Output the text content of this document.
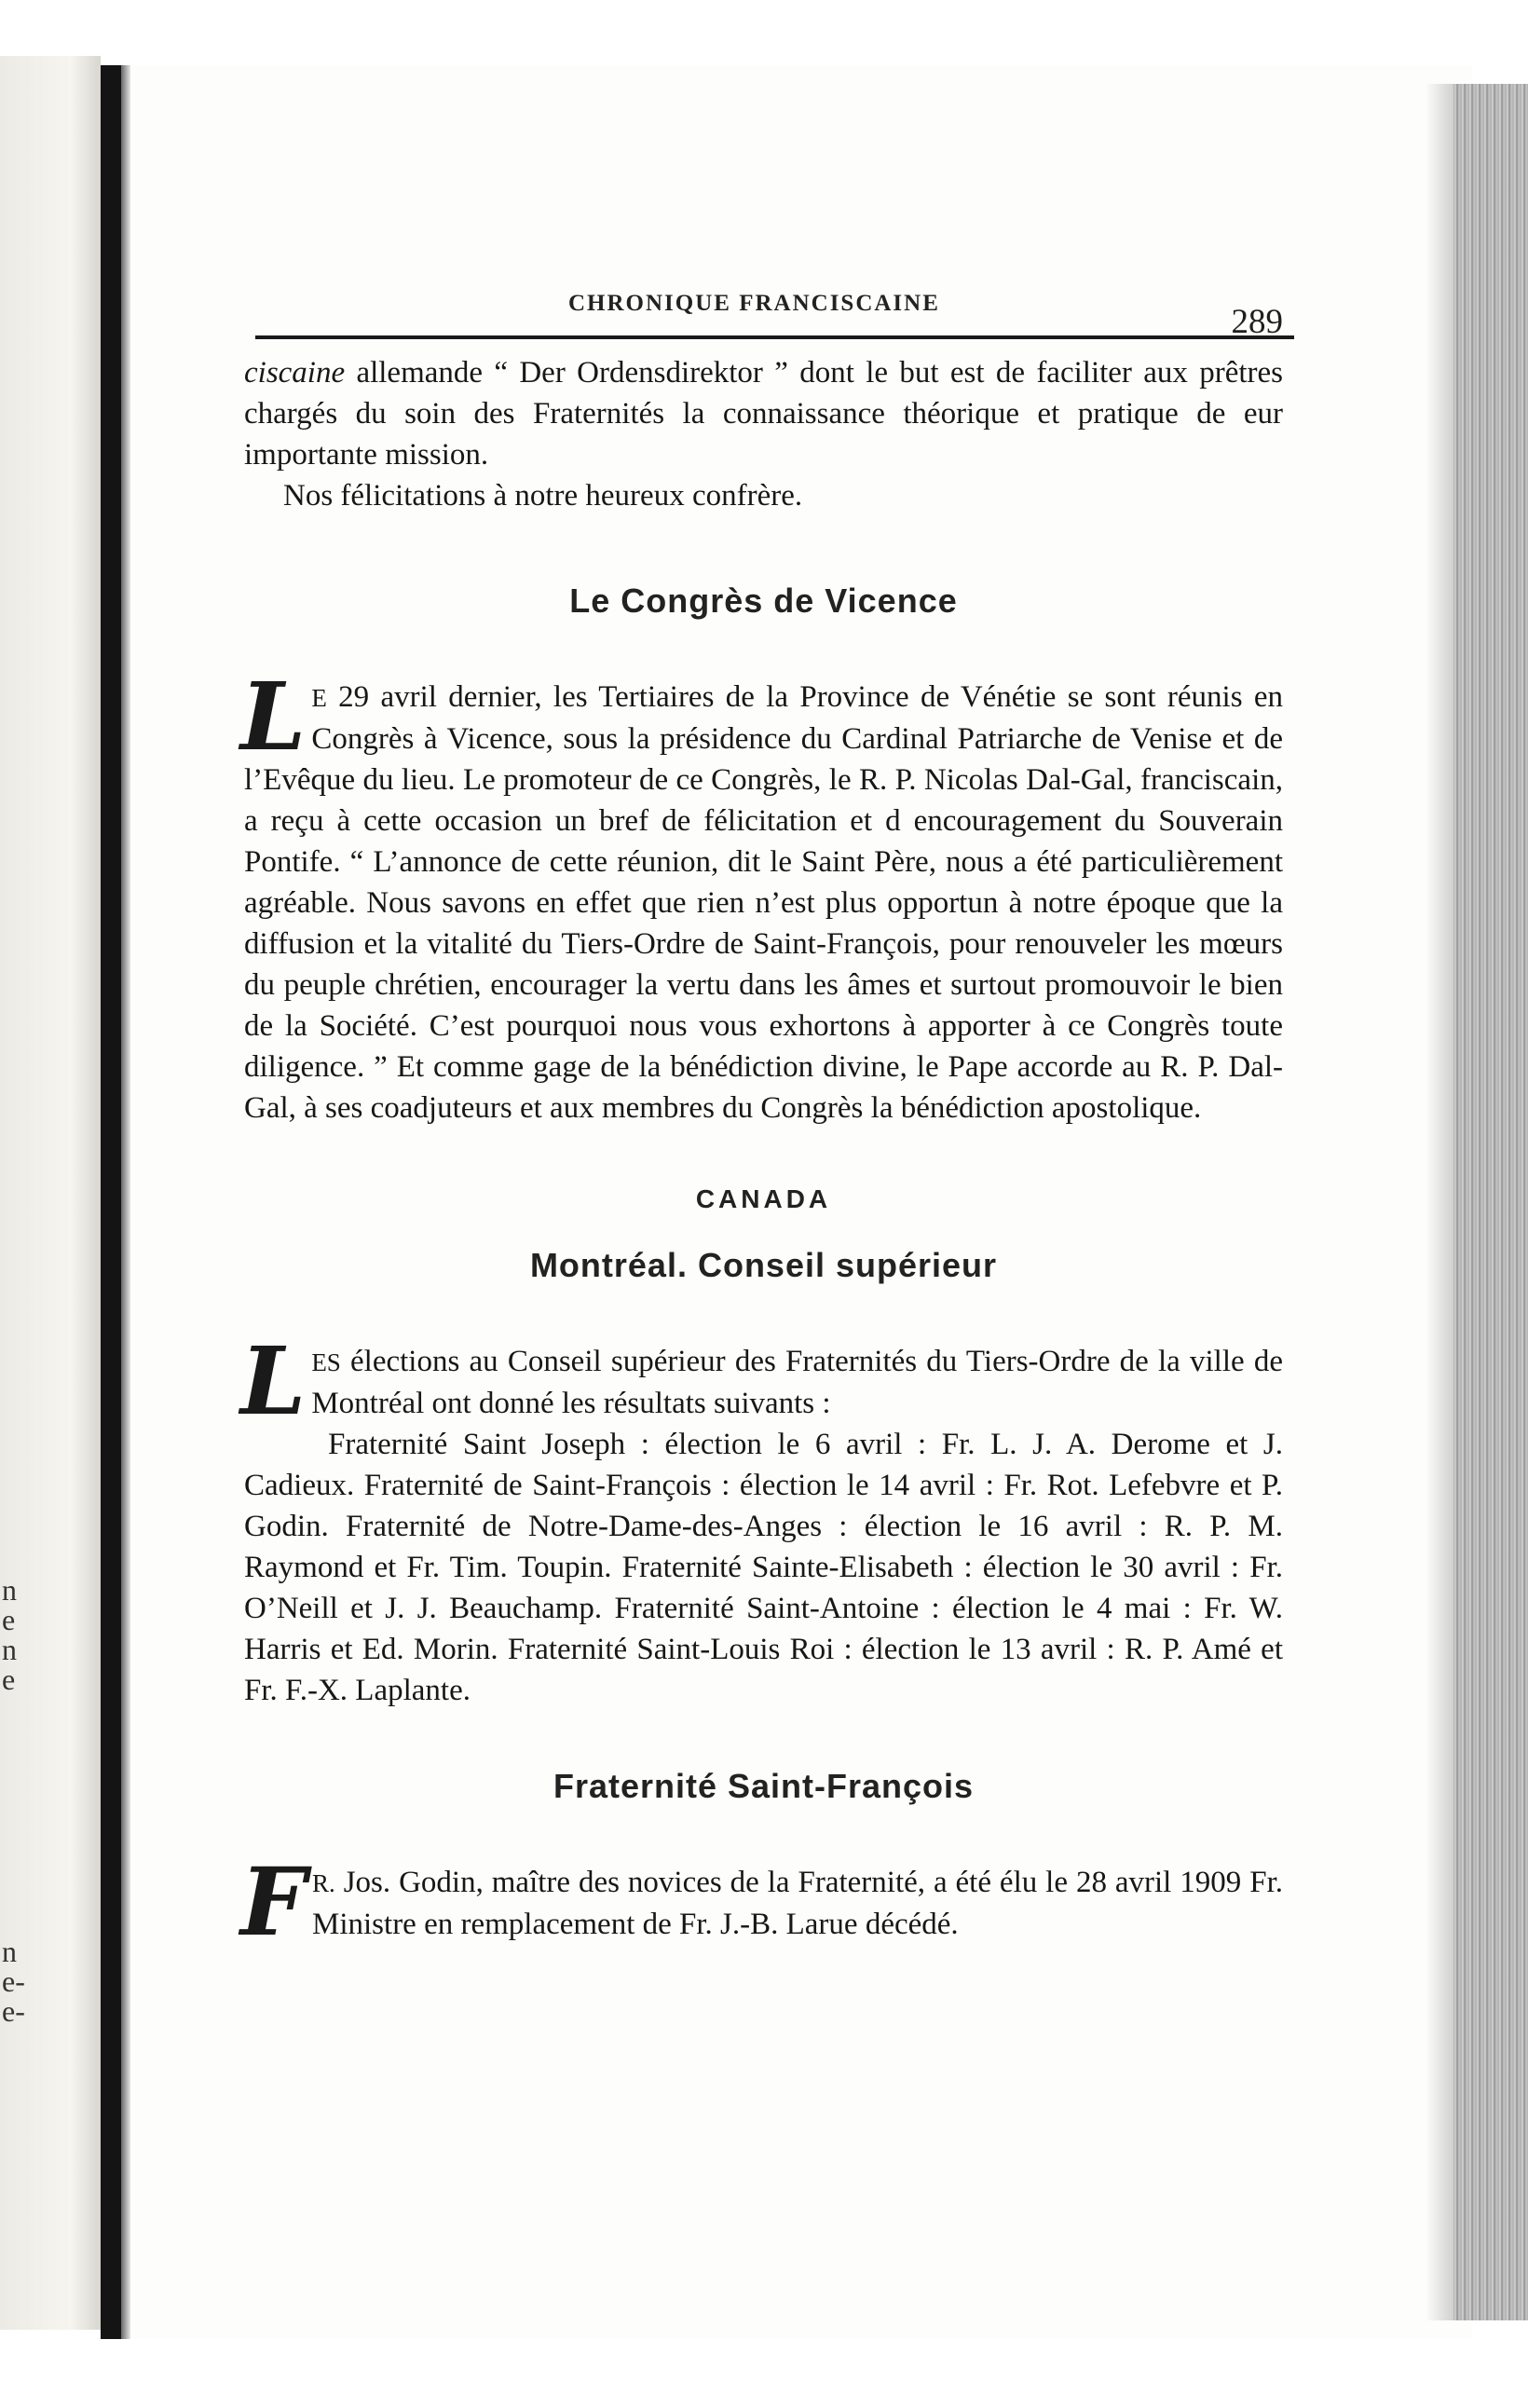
n
e
n
e
n
e-
e-
CHRONIQUE FRANCISCAINE	289

ciscaine allemande “ Der Ordensdirektor ” dont le but est de faciliter aux prêtres chargés du soin des Fraternités la connaissance théorique et pratique de eur importante mission.

Nos félicitations à notre heureux confrère.

Le Congrès de Vicence

L E 29 avril dernier, les Tertiaires de la Province de Vénétie se sont réunis en Congrès à Vicence, sous la présidence du Cardinal Patriarche de Venise et de l’Evêque du lieu. Le promoteur de ce Congrès, le R. P. Nicolas Dal-Gal, franciscain, a reçu à cette occasion un bref de félicitation et d encouragement du Souverain Pontife. “ L’annonce de cette réunion, dit le Saint Père, nous a été particulièrement agréable. Nous savons en effet que rien n’est plus opportun à notre époque que la diffusion et la vitalité du Tiers-Ordre de Saint-François, pour renouveler les mœurs du peuple chrétien, encourager la vertu dans les âmes et surtout promouvoir le bien de la Société. C’est pourquoi nous vous exhortons à apporter à ce Congrès toute diligence. ” Et comme gage de la bénédiction divine, le Pape accorde au R. P. Dal-Gal, à ses coadjuteurs et aux membres du Congrès la bénédiction apostolique.

CANADA
Montréal. Conseil supérieur

LES élections au Conseil supérieur des Fraternités du Tiers-Ordre de la ville de Montréal ont donné les résultats suivants :

Fraternité Saint Joseph : élection le 6 avril : Fr. L. J. A. Derome et J. Cadieux. Fraternité de Saint-François : élection le 14 avril : Fr. Rot. Lefebvre et P. Godin. Fraternité de Notre-Dame-des-Anges : élection le 16 avril : R. P. M. Raymond et Fr. Tim. Toupin. Fraternité Sainte-Elisabeth : élection le 30 avril : Fr. O’Neill et J. J. Beauchamp. Fraternité Saint-Antoine : élection le 4 mai : Fr. W. Harris et Ed. Morin. Fraternité Saint-Louis Roi : élection le 13 avril : R. P. Amé et Fr. F.-X. Laplante.

Fraternité Saint-François

F R. Jos. Godin, maître des novices de la Fraternité, a été élu le 28 avril 1909 Fr. Ministre en remplacement de Fr. J.-B. Larue décédé.
